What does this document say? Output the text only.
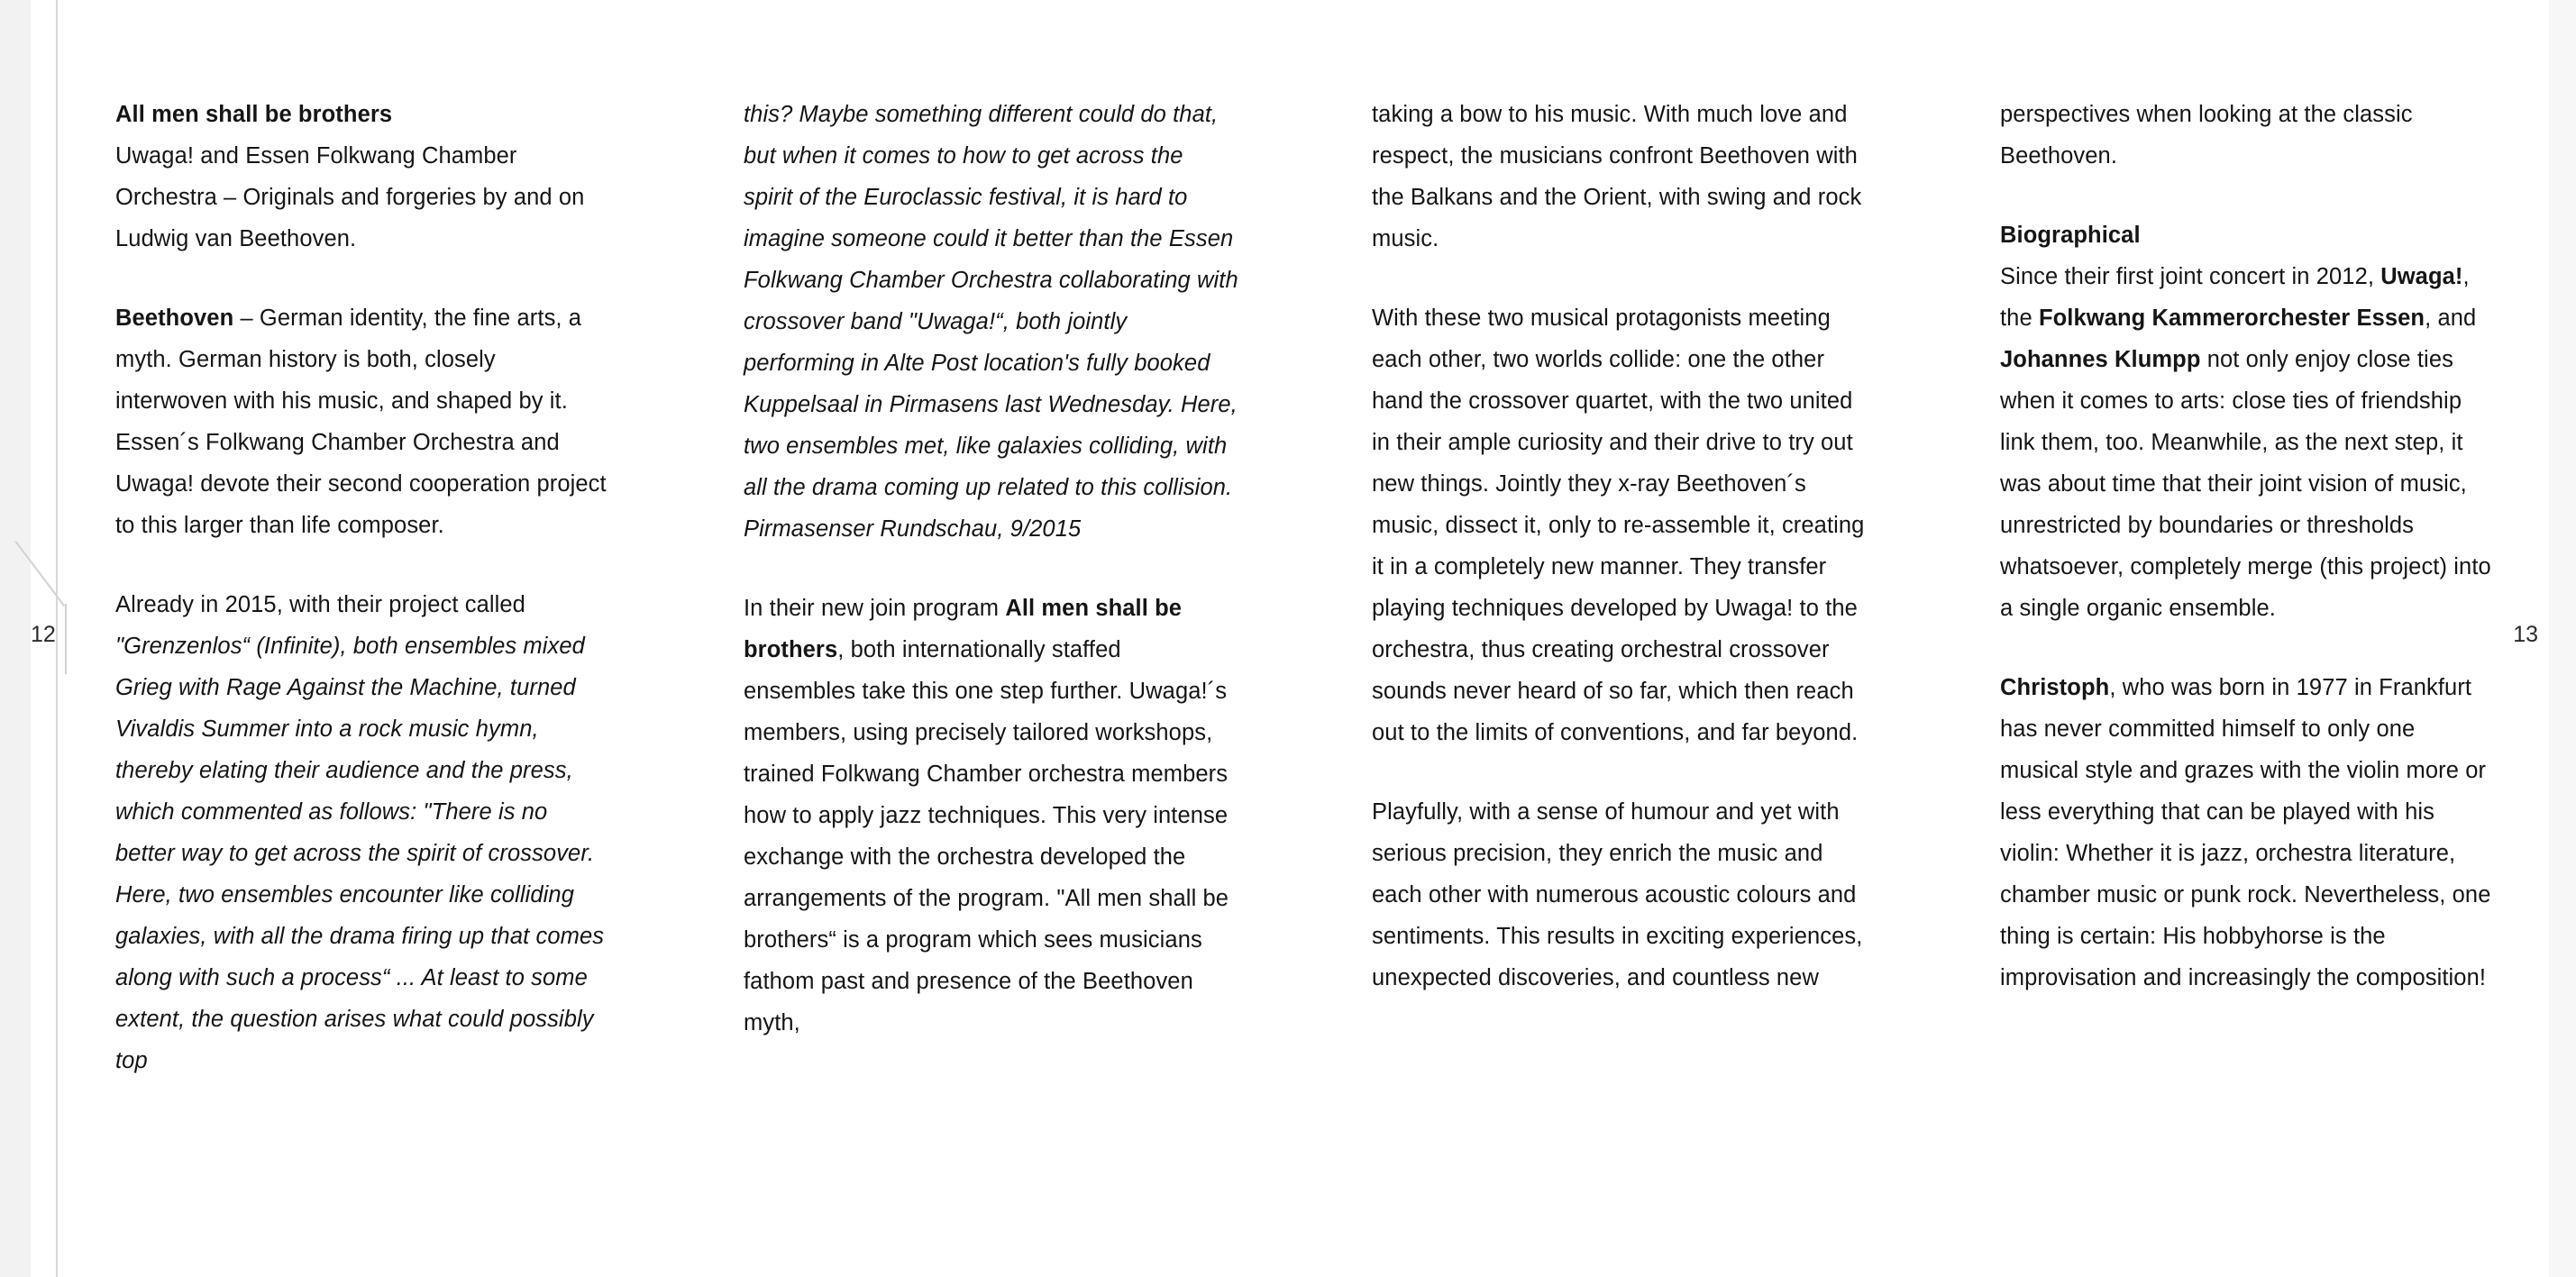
12	13

All men shall be brothers
Uwaga! and Essen Folkwang Chamber Orchestra – Originals and forgeries by and on Ludwig van Beethoven.

Beethoven – German identity, the fine arts, a myth. German history is both, closely interwoven with his music, and shaped by it. Essen´s Folkwang Chamber Orchestra and Uwaga! devote their second cooperation project to this larger than life composer.

Already in 2015, with their project called "Grenzenlos“ (Infinite), both ensembles mixed Grieg with Rage Against the Machine, turned Vivaldis Summer into a rock music hymn, thereby elating their audience and the press, which commented as follows: "There is no better way to get across the spirit of crossover. Here, two ensembles encounter like colliding galaxies, with all the drama firing up that comes along with such a process“ ... At least to some extent, the question arises what could possibly top

this? Maybe something different could do that, but when it comes to how to get across the spirit of the Euroclassic festival, it is hard to imagine someone could it better than the Essen Folkwang Chamber Orchestra collaborating with crossover band "Uwaga!“, both jointly performing in Alte Post location's fully booked Kuppelsaal in Pirmasens last Wednesday. Here, two ensembles met, like galaxies colliding, with all the drama coming up related to this collision.

Pirmasenser Rundschau, 9/2015

In their new join program All men shall be brothers, both internationally staffed ensembles take this one step further. Uwaga!´s members, using precisely tailored workshops, trained Folkwang Chamber orchestra members how to apply jazz techniques. This very intense exchange with the orchestra developed the arrangements of the program. "All men shall be brothers“ is a program which sees musicians fathom past and presence of the Beethoven myth,

taking a bow to his music. With much love and respect, the musicians confront Beethoven with the Balkans and the Orient, with swing and rock music.

With these two musical protagonists meeting each other, two worlds collide: one the other hand the crossover quartet, with the two united in their ample curiosity and their drive to try out new things. Jointly they x-ray Beethoven´s music, dissect it, only to re-assemble it, creating it in a completely new manner. They transfer playing techniques developed by Uwaga! to the orchestra, thus creating orchestral crossover sounds never heard of so far, which then reach out to the limits of conventions, and far beyond.

Playfully, with a sense of humour and yet with serious precision, they enrich the music and each other with numerous acoustic colours and sentiments. This results in exciting experiences, unexpected discoveries, and countless new

perspectives when looking at the classic Beethoven.

Biographical
Since their first joint concert in 2012, Uwaga!, the Folkwang Kammerorchester Essen, and Johannes Klumpp not only enjoy close ties when it comes to arts: close ties of friendship link them, too. Meanwhile, as the next step, it was about time that their joint vision of music, unrestricted by boundaries or thresholds whatsoever, completely merge (this project) into a single organic ensemble.

Christoph, who was born in 1977 in Frankfurt has never committed himself to only one musical style and grazes with the violin more or less everything that can be played with his violin: Whether it is jazz, orchestra literature, chamber music or punk rock. Nevertheless, one thing is certain: His hobbyhorse is the improvisation and increasingly the composition!
